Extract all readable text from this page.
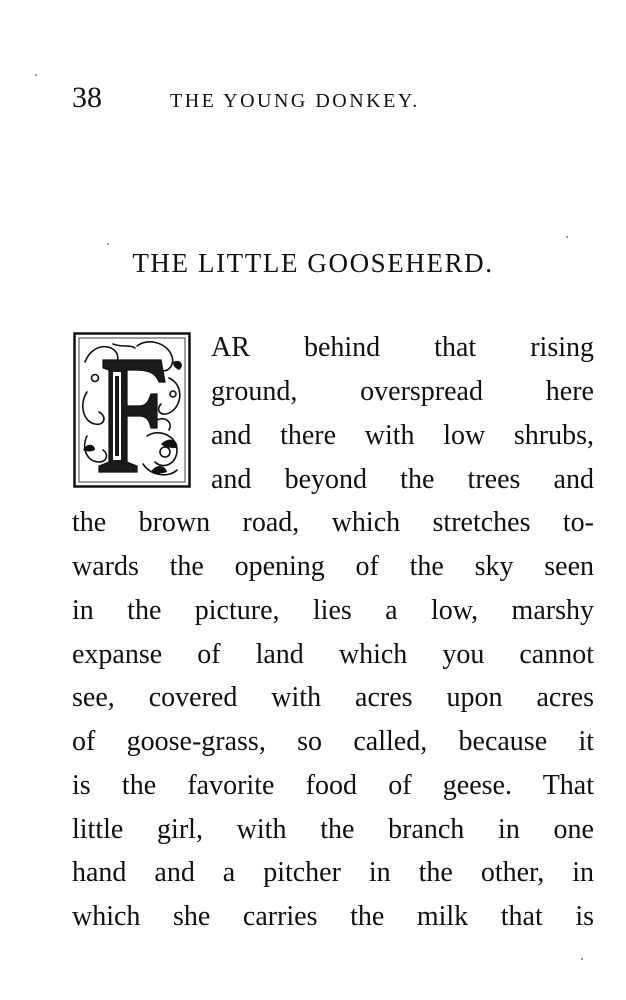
38	THE YOUNG DONKEY.
THE LITTLE GOOSEHERD.
AR behind that rising
ground, overspread here
and there with low shrubs,
and beyond the trees and
the brown road, which stretches to-
wards the opening of the sky seen
in the picture, lies a low, marshy
expanse of land which you cannot
see, covered with acres upon acres
of goose-grass, so called, because it
is the favorite food of geese. That
little girl, with the branch in one
hand and a pitcher in the other, in
which she carries the milk that is
